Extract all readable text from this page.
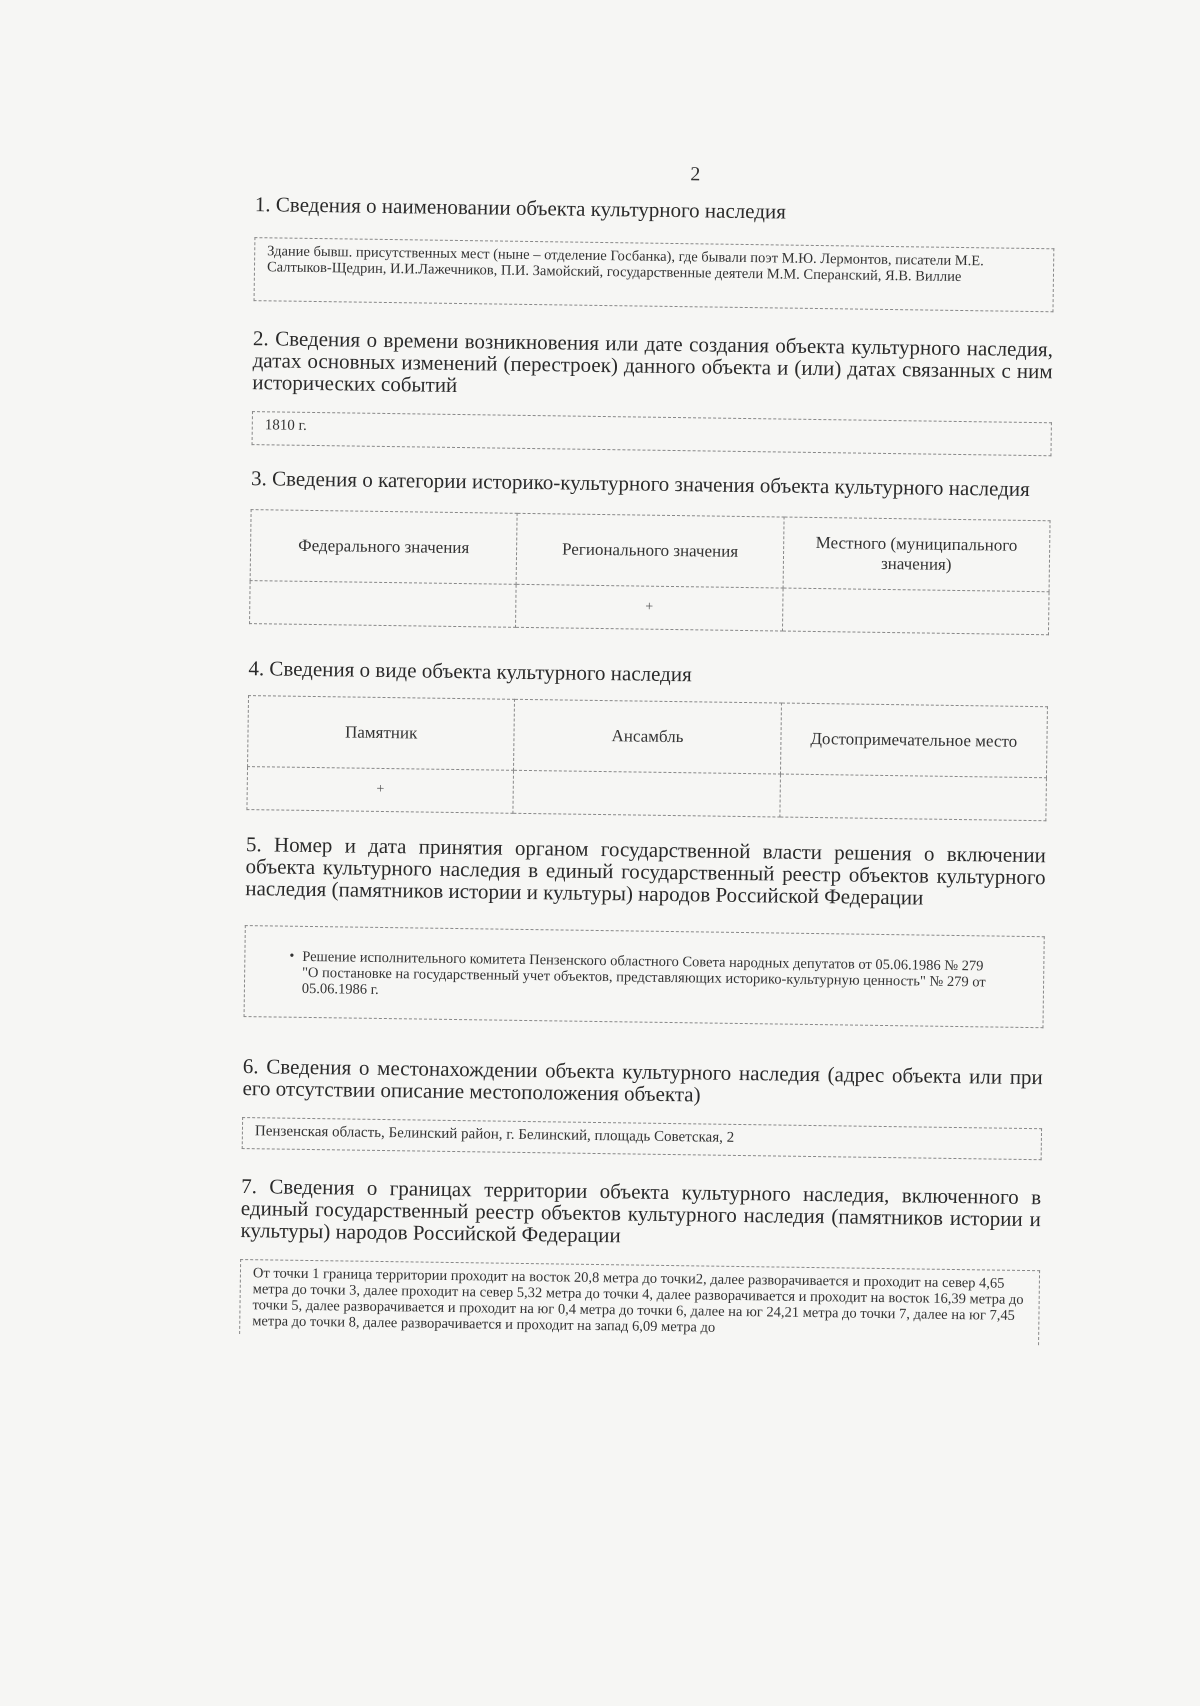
2

1. Сведения о наименовании объекта культурного наследия

Здание бывш. присутственных мест (ныне – отделение Госбанка), где бывали поэт М.Ю. Лермонтов, писатели М.Е. Салтыков-Щедрин, И.И.Лажечников, П.И. Замойский, государственные деятели М.М. Сперанский, Я.В. Виллие

2. Сведения о времени возникновения или дате создания объекта культурного наследия, датах основных изменений (перестроек) данного объекта и (или) датах связанных с ним исторических событий

1810 г.

3. Сведения о категории историко-культурного значения объекта культурного наследия

Федерального значения	Регионального значения	Местного (муниципального значения)
	+	

4. Сведения о виде объекта культурного наследия

Памятник	Ансамбль	Достопримечательное место
+		

5. Номер и дата принятия органом государственной власти решения о включении объекта культурного наследия в единый государственный реестр объектов культурного наследия (памятников истории и культуры) народов Российской Федерации

• Решение исполнительного комитета Пензенского областного Совета народных депутатов от 05.06.1986 № 279 "О постановке на государственный учет объектов, представляющих историко-культурную ценность" № 279 от 05.06.1986 г.

6. Сведения о местонахождении объекта культурного наследия (адрес объекта или при его отсутствии описание местоположения объекта)

Пензенская область, Белинский район, г. Белинский, площадь Советская, 2

7. Сведения о границах территории объекта культурного наследия, включенного в единый государственный реестр объектов культурного наследия (памятников истории и культуры) народов Российской Федерации

От точки 1 граница территории проходит на восток 20,8 метра до точки2, далее разворачивается и проходит на север 4,65 метра до точки 3, далее проходит на север 5,32 метра до точки 4, далее разворачивается и проходит на восток 16,39 метра до точки 5, далее разворачивается и проходит на юг 0,4 метра до точки 6, далее на юг 24,21 метра до точки 7, далее на юг 7,45 метра до точки 8, далее разворачивается и проходит на запад 6,09 метра до
